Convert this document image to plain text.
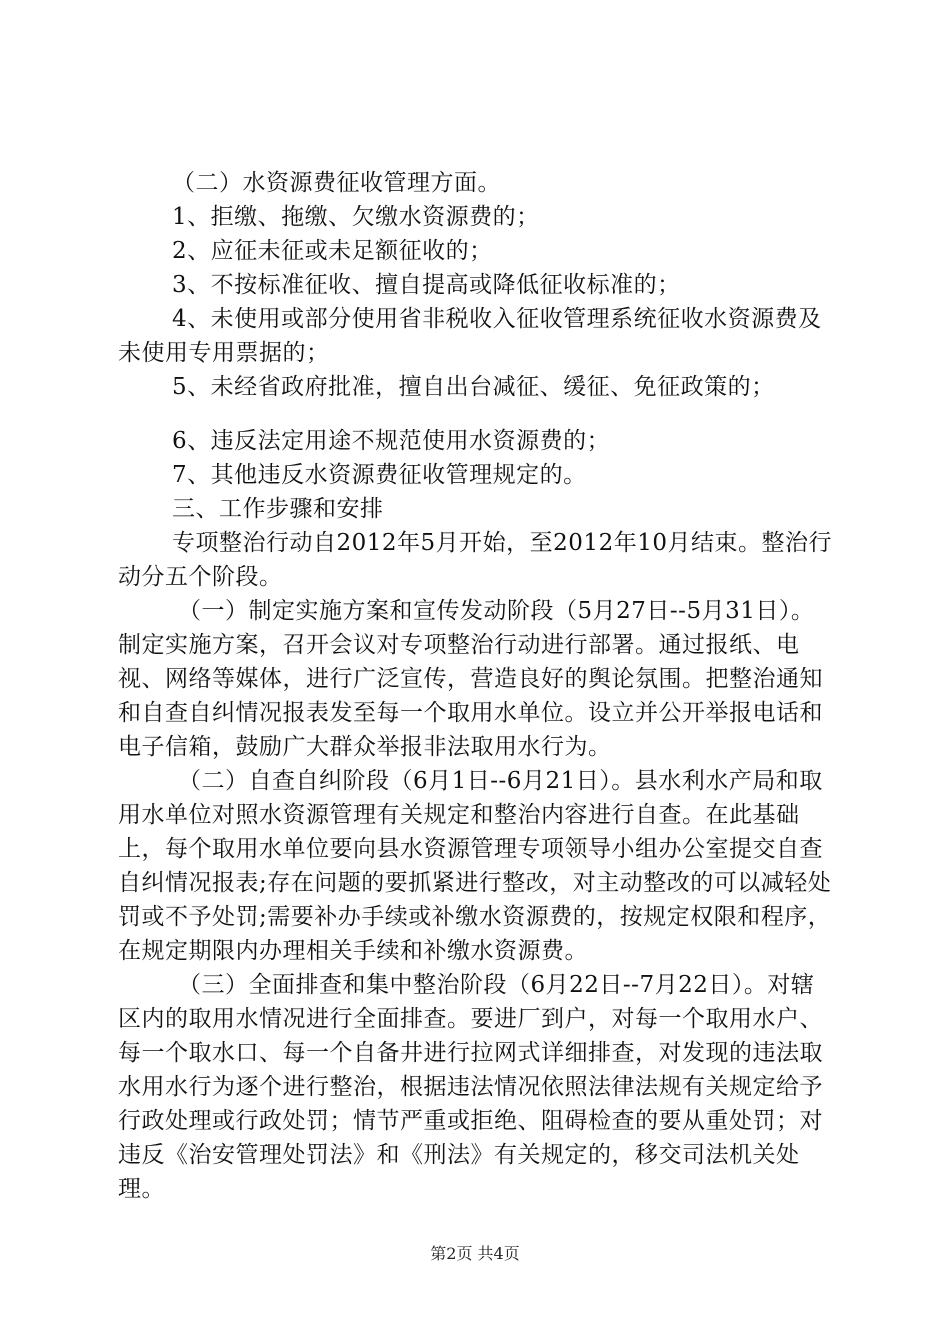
（二）水资源费征收管理方面。

1、拒缴、拖缴、欠缴水资源费的；

2、应征未征或未足额征收的；

3、不按标准征收、擅自提高或降低征收标准的；

4、未使用或部分使用省非税收入征收管理系统征收水资源费及未使用专用票据的；

5、未经省政府批准，擅自出台减征、缓征、免征政策的；

6、违反法定用途不规范使用水资源费的；

7、其他违反水资源费征收管理规定的。

三、工作步骤和安排

专项整治行动自2012年5月开始，至2012年10月结束。整治行动分五个阶段。

（一）制定实施方案和宣传发动阶段（5月27日--5月31日）。制定实施方案，召开会议对专项整治行动进行部署。通过报纸、电视、网络等媒体，进行广泛宣传，营造良好的舆论氛围。把整治通知和自查自纠情况报表发至每一个取用水单位。设立并公开举报电话和电子信箱，鼓励广大群众举报非法取用水行为。

（二）自查自纠阶段（6月1日--6月21日）。县水利水产局和取用水单位对照水资源管理有关规定和整治内容进行自查。在此基础上，每个取用水单位要向县水资源管理专项领导小组办公室提交自查自纠情况报表;存在问题的要抓紧进行整改，对主动整改的可以减轻处罚或不予处罚;需要补办手续或补缴水资源费的，按规定权限和程序，在规定期限内办理相关手续和补缴水资源费。

（三）全面排查和集中整治阶段（6月22日--7月22日）。对辖区内的取用水情况进行全面排查。要进厂到户，对每一个取用水户、每一个取水口、每一个自备井进行拉网式详细排查，对发现的违法取水用水行为逐个进行整治，根据违法情况依照法律法规有关规定给予行政处理或行政处罚；情节严重或拒绝、阻碍检查的要从重处罚；对违反《治安管理处罚法》和《刑法》有关规定的，移交司法机关处理。

第2页 共4页
